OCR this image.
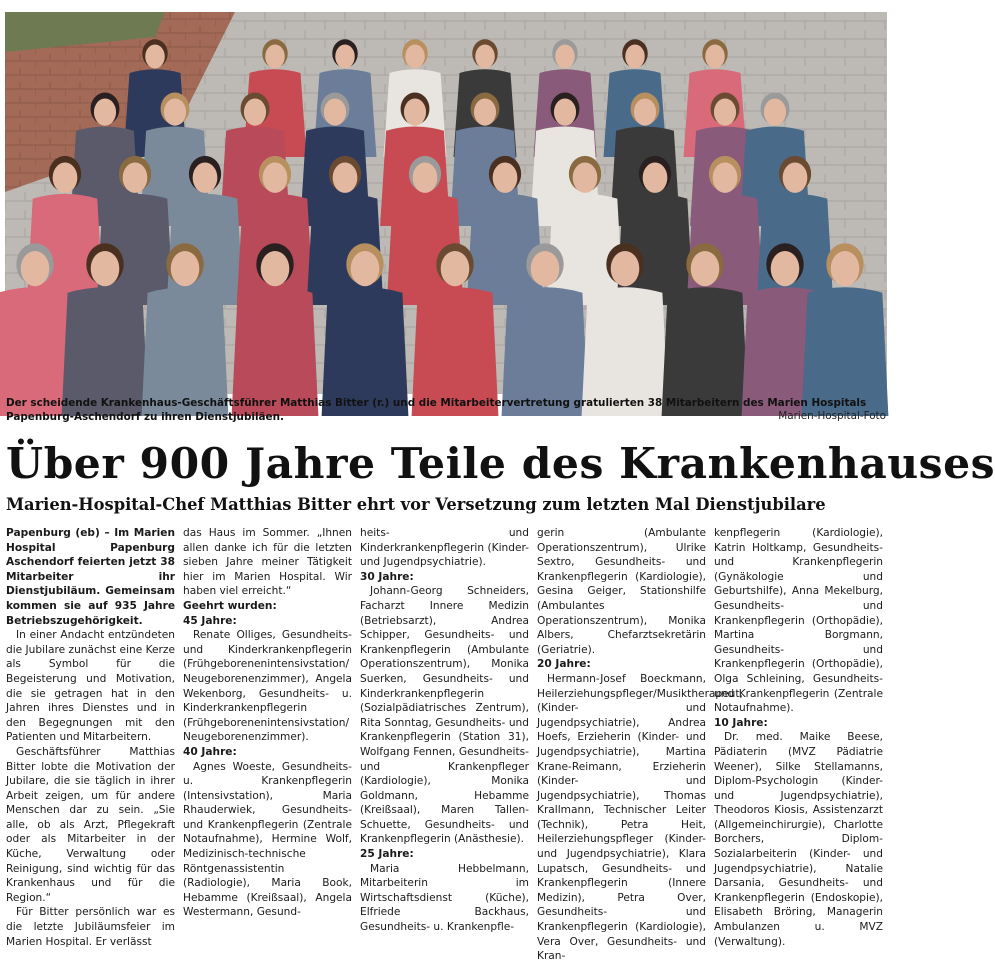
Der scheidende Krankenhaus-Geschäftsführer Matthias Bitter (r.) und die Mitarbeitervertretung gratulierten 38 Mitarbeitern des Marien Hospitals Papenburg-Aschendorf zu ihren Dienstjubiläen.	Marien-Hospital-Foto
Über 900 Jahre Teile des Krankenhauses
Marien-Hospital-Chef Matthias Bitter ehrt vor Versetzung zum letzten Mal Dienstjubilare

Papenburg (eb) – Im Marien Hospital Papenburg Aschendorf feierten jetzt 38 Mitarbeiter ihr Dienstjubiläum. Gemeinsam kommen sie auf 935 Jahre Betriebszugehörigkeit.

In einer Andacht entzündeten die Jubilare zunächst eine Kerze als Symbol für die Begeisterung und Motivation, die sie getragen hat in den Jahren ihres Dienstes und in den Begegnungen mit den Patienten und Mitarbeitern.

Geschäftsführer Matthias Bitter lobte die Motivation der Jubilare, die sie täglich in ihrer Arbeit zeigen, um für andere Menschen dar zu sein. „Sie alle, ob als Arzt, Pflegekraft oder als Mitarbeiter in der Küche, Verwaltung oder Reinigung, sind wichtig für das Krankenhaus und für die Region.“

Für Bitter persönlich war es die letzte Jubiläumsfeier im Marien Hospital. Er verlässt

das Haus im Sommer. „Ihnen allen danke ich für die letzten sieben Jahre meiner Tätigkeit hier im Marien Hospital. Wir haben viel erreicht.“

Geehrt wurden:

45 Jahre:

Renate Olliges, Gesundheits- und Kinderkrankenpflegerin (Frühgeborenenintensivstation/ Neugeborenenzimmer), Angela Wekenborg, Gesundheits- u. Kinderkrankenpflegerin (Frühgeborenenintensivstation/ Neugeborenenzimmer).

40 Jahre:

Agnes Woeste, Gesundheits- u. Krankenpflegerin (Intensivstation), Maria Rhauderwiek, Gesundheits- und Krankenpflegerin (Zentrale Notaufnahme), Hermine Wolf, Medizinisch-technische Röntgenassistentin (Radiologie), Maria Book, Hebamme (Kreißsaal), Angela Westermann, Gesund-

heits- und Kinderkrankenpflegerin (Kinder- und Jugendpsychiatrie).

30 Jahre:

Johann-Georg Schneiders, Facharzt Innere Medizin (Betriebsarzt), Andrea Schipper, Gesundheits- und Krankenpflegerin (Ambulante Operationszentrum), Monika Suerken, Gesundheits- und Kinderkrankenpflegerin (Sozialpädiatrisches Zentrum), Rita Sonntag, Gesundheits- und Krankenpflegerin (Station 31), Wolfgang Fennen, Gesundheits- und Krankenpfleger (Kardiologie), Monika Goldmann, Hebamme (Kreißsaal), Maren Tallen-Schuette, Gesundheits- und Krankenpflegerin (Anästhesie).

25 Jahre:

Maria Hebbelmann, Mitarbeiterin im Wirtschaftsdienst (Küche), Elfriede Backhaus, Gesundheits- u. Krankenpfle-

gerin (Ambulante Operationszentrum), Ulrike Sextro, Gesundheits- und Krankenpflegerin (Kardiologie), Gesina Geiger, Stationshilfe (Ambulantes Operationszentrum), Monika Albers, Chefarztsekretärin (Geriatrie).

20 Jahre:

Hermann-Josef Boeckmann, Heilerziehungspfleger/Musiktherapeut, (Kinder- und Jugendpsychiatrie), Andrea Hoefs, Erzieherin (Kinder- und Jugendpsychiatrie), Martina Krane-Reimann, Erzieherin (Kinder- und Jugendpsychiatrie), Thomas Krallmann, Technischer Leiter (Technik), Petra Heit, Heilerziehungspfleger (Kinder- und Jugendpsychiatrie), Klara Lupatsch, Gesundheits- und Krankenpflegerin (Innere Medizin), Petra Over, Gesundheits- und Krankenpflegerin (Kardiologie), Vera Over, Gesundheits- und Kran-

kenpflegerin (Kardiologie), Katrin Holtkamp, Gesundheits- und Krankenpflegerin (Gynäkologie und Geburtshilfe), Anna Mekelburg, Gesundheits- und Krankenpflegerin (Orthopädie), Martina Borgmann, Gesundheits- und Krankenpflegerin (Orthopädie), Olga Schleining, Gesundheits- und Krankenpflegerin (Zentrale Notaufnahme).

10 Jahre:

Dr. med. Maike Beese, Pädiaterin (MVZ Pädiatrie Weener), Silke Stellamanns, Diplom-Psychologin (Kinder- und Jugendpsychiatrie), Theodoros Kiosis, Assistenzarzt (Allgemeinchirurgie), Charlotte Borchers, Diplom- Sozialarbeiterin (Kinder- und Jugendpsychiatrie), Natalie Darsania, Gesundheits- und Krankenpflegerin (Endoskopie), Elisabeth Bröring, Managerin Ambulanzen u. MVZ (Verwaltung).
